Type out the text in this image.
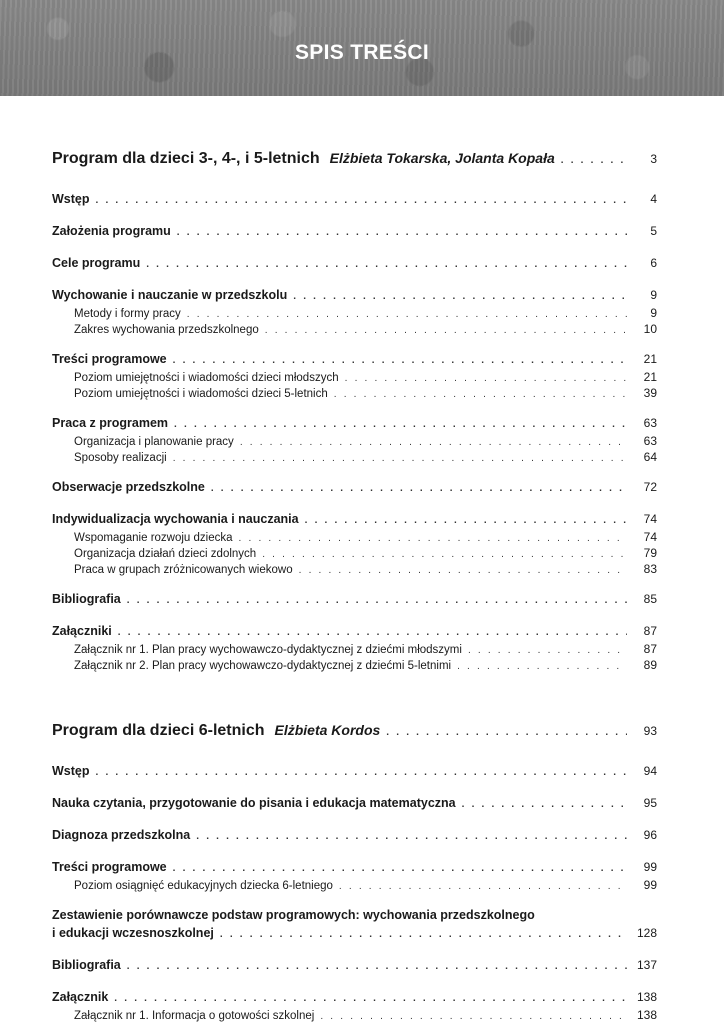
SPIS TREŚCI
Program dla dzieci 3-, 4-, i 5-letnich Elżbieta Tokarska, Jolanta Kopała . . .	3
Wstęp . . .	4
Założenia programu . . .	5
Cele programu . . .	6
Wychowanie i nauczanie w przedszkolu . . .	9
Metody i formy pracy . . .	9
Zakres wychowania przedszkolnego . . .	10
Treści programowe . . .	21
Poziom umiejętności i wiadomości dzieci młodszych . . .	21
Poziom umiejętności i wiadomości dzieci 5-letnich . . .	39
Praca z programem . . .	63
Organizacja i planowanie pracy . . .	63
Sposoby realizacji . . .	64
Obserwacje przedszkolne . . .	72
Indywidualizacja wychowania i nauczania . . .	74
Wspomaganie rozwoju dziecka . . .	74
Organizacja działań dzieci zdolnych . . .	79
Praca w grupach zróżnicowanych wiekowo . . .	83
Bibliografia . . .	85
Załączniki . . .	87
Załącznik nr 1. Plan pracy wychowawczo-dydaktycznej z dziećmi młodszymi . . .	87
Załącznik nr 2. Plan pracy wychowawczo-dydaktycznej z dziećmi 5-letnimi . . .	89
Program dla dzieci 6-letnich Elżbieta Kordos . . .	93
Wstęp . . .	94
Nauka czytania, przygotowanie do pisania i edukacja matematyczna . . .	95
Diagnoza przedszkolna . . .	96
Treści programowe . . .	99
Poziom osiągnięć edukacyjnych dziecka 6-letniego . . .	99
Zestawienie porównawcze podstaw programowych: wychowania przedszkolnego
i edukacji wczesnoszkolnej . . .	128
Bibliografia . . .	137
Załącznik . . .	138
Załącznik nr 1. Informacja o gotowości szkolnej . . .	138
